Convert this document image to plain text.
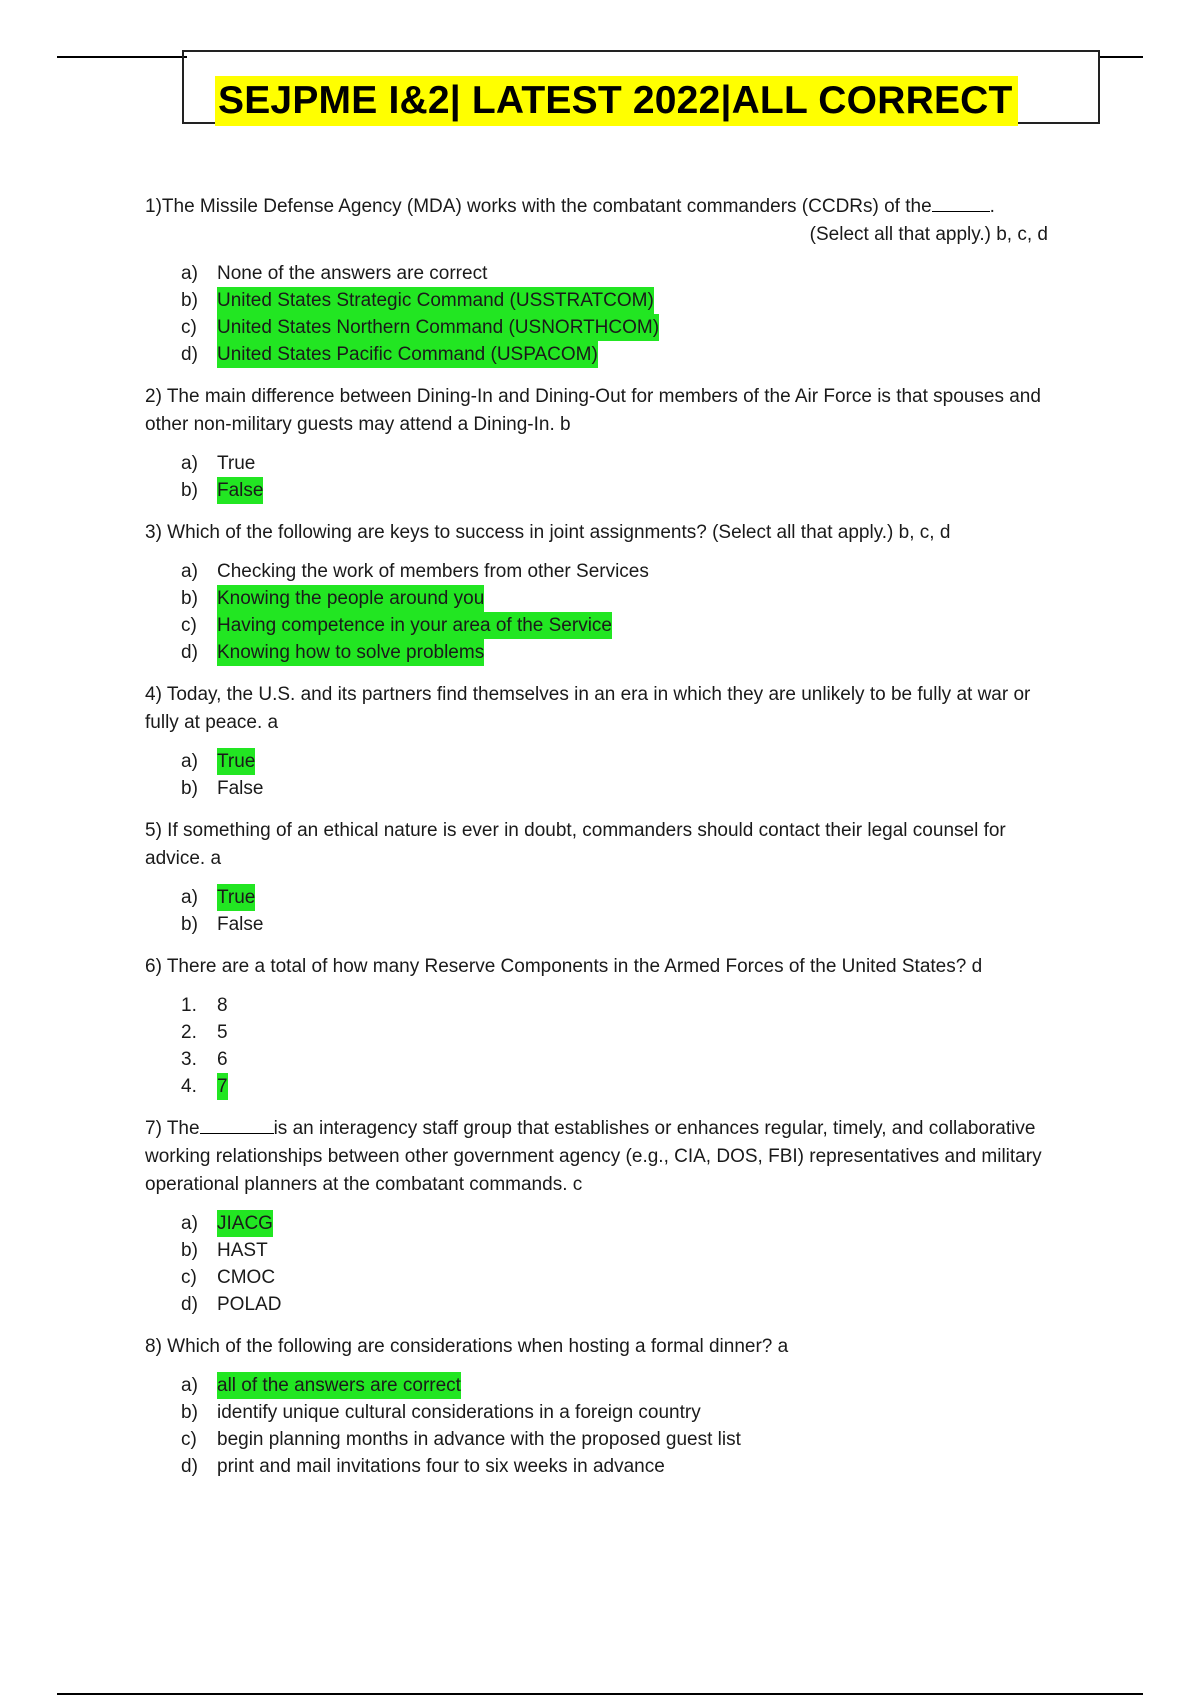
SEJPME I&2| LATEST 2022|ALL CORRECT

1)The Missile Defense Agency (MDA) works with the combatant commanders (CCDRs) of the	.

(Select all that apply.) b, c, d

a)	None of the answers are correct
b)	United States Strategic Command (USSTRATCOM)
c)	United States Northern Command (USNORTHCOM)
d)	United States Pacific Command (USPACOM)

2) The main difference between Dining-In and Dining-Out for members of the Air Force is that spouses and other non-military guests may attend a Dining-In. b

a)	True
b)	False

3) Which of the following are keys to success in joint assignments? (Select all that apply.) b, c, d

a)	Checking the work of members from other Services
b)	Knowing the people around you
c)	Having competence in your area of the Service
d)	Knowing how to solve problems

4) Today, the U.S. and its partners find themselves in an era in which they are unlikely to be fully at war or fully at peace. a

a)	True
b)	False

5) If something of an ethical nature is ever in doubt, commanders should contact their legal counsel for advice. a

a)	True
b)	False

6) There are a total of how many Reserve Components in the Armed Forces of the United States? d

1.	8
2.	5
3.	6
4.	7

7) The	is an interagency staff group that establishes or enhances regular, timely, and collaborative working relationships between other government agency (e.g., CIA, DOS, FBI) representatives and military operational planners at the combatant commands. c

a)	JIACG
b)	HAST
c)	CMOC
d)	POLAD

8) Which of the following are considerations when hosting a formal dinner? a

a)	all of the answers are correct
b)	identify unique cultural considerations in a foreign country
c)	begin planning months in advance with the proposed guest list
d)	print and mail invitations four to six weeks in advance
